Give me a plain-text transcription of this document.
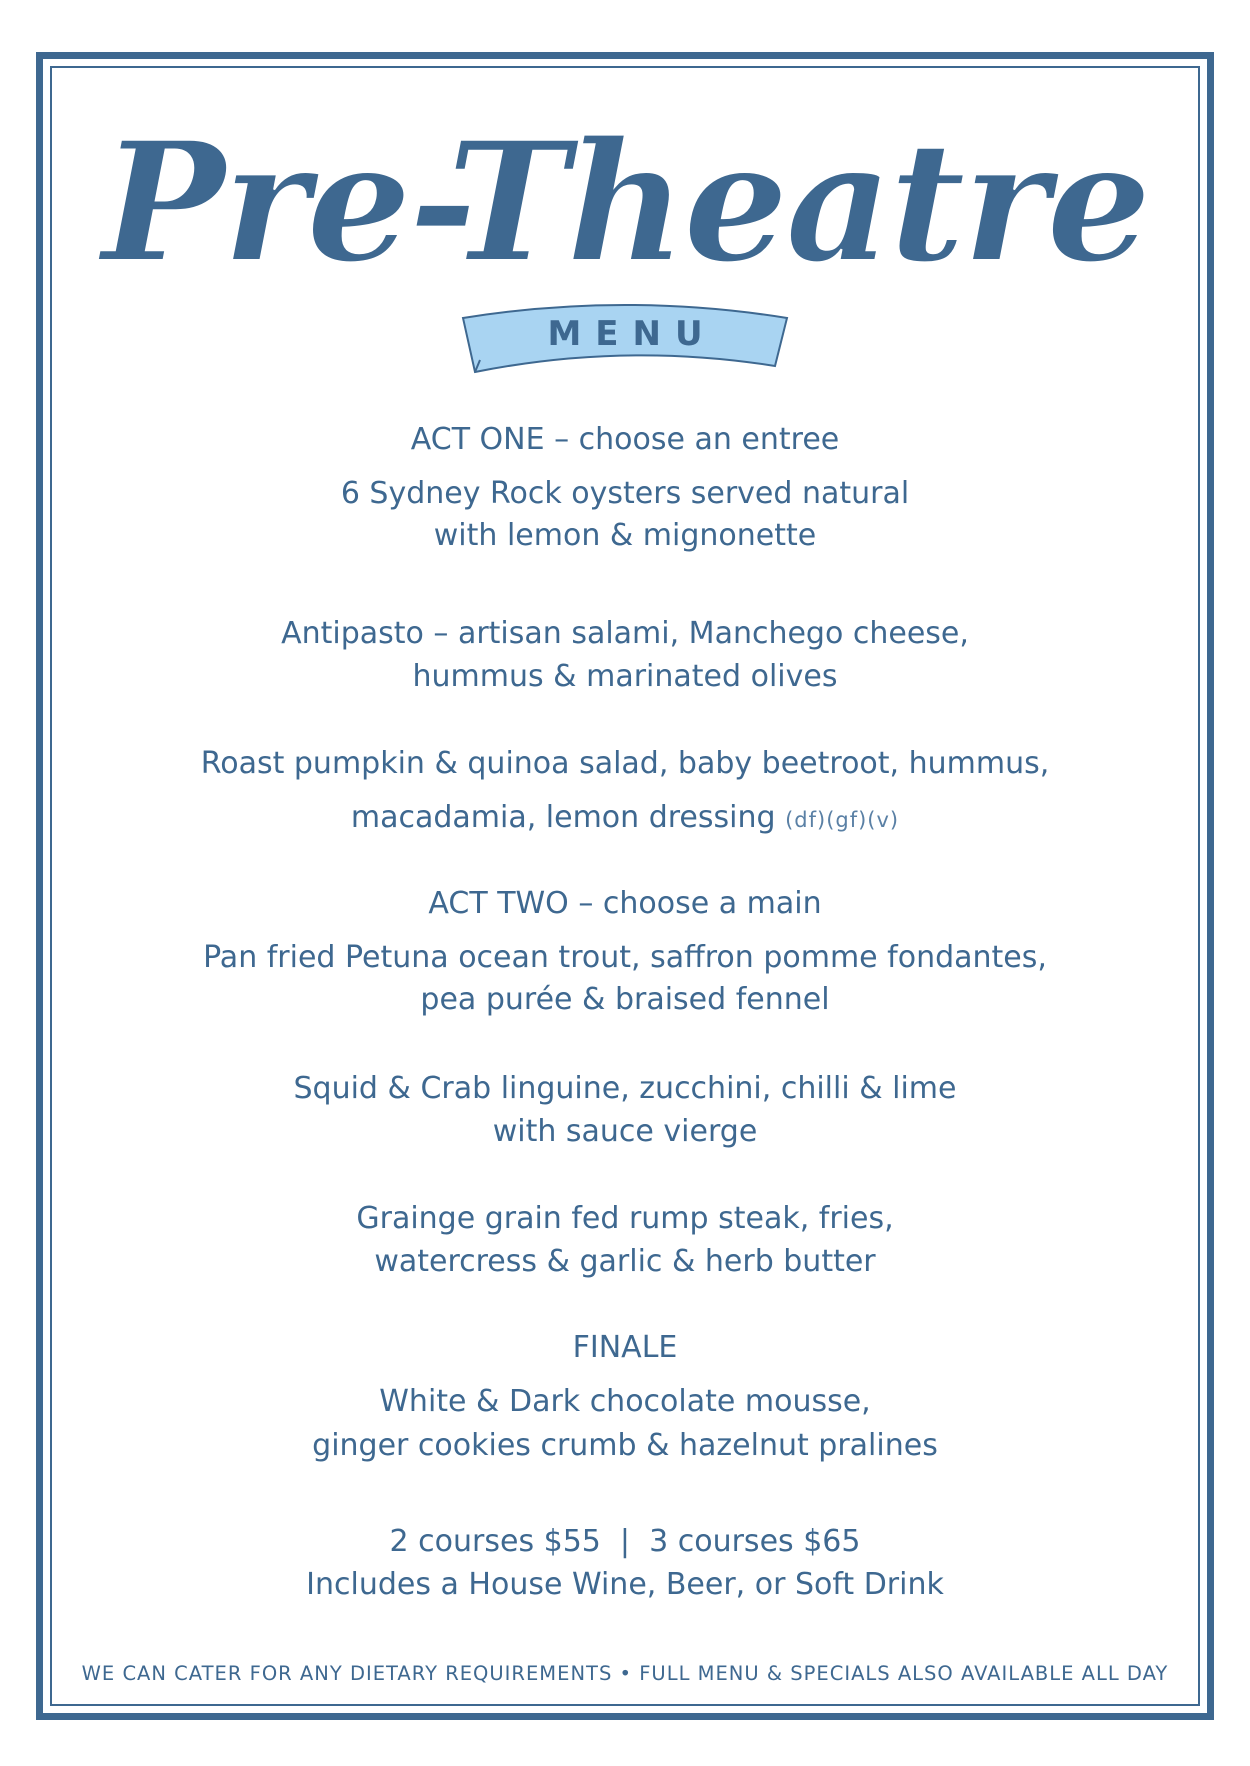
Pre-Theatre
MENU
ACT ONE – choose an entree
6 Sydney Rock oysters served natural
with lemon & mignonette
Antipasto – artisan salami, Manchego cheese,
hummus & marinated olives
Roast pumpkin & quinoa salad, baby beetroot, hummus,
macadamia, lemon dressing (df)(gf)(v)
ACT TWO – choose a main
Pan fried Petuna ocean trout, saffron pomme fondantes,
pea purée & braised fennel
Squid & Crab linguine, zucchini, chilli & lime
with sauce vierge
Grainge grain fed rump steak, fries,
watercress & garlic & herb butter
FINALE
White & Dark chocolate mousse,
ginger cookies crumb & hazelnut pralines
2 courses $55  |  3 courses $65
Includes a House Wine, Beer, or Soft Drink
WE CAN CATER FOR ANY DIETARY REQUIREMENTS • FULL MENU & SPECIALS ALSO AVAILABLE ALL DAY
